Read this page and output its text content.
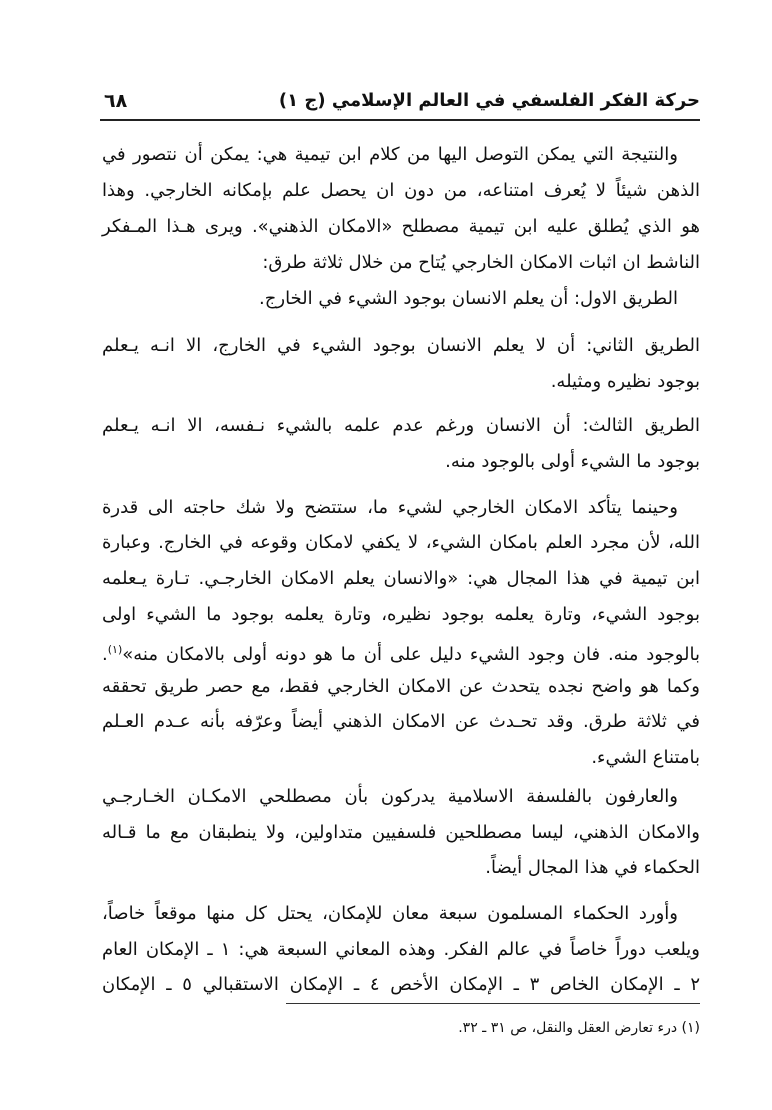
حركة الفكر الفلسفي في العالم الإسلامي (ج ١)
٦٨
والنتيجة التي يمكن التوصل اليها من كلام ابن تيمية هي: يمكن أن نتصور في
الذهن شيئاً لا يُعرف امتناعه، من دون ان يحصل علم بإمكانه الخارجي. وهذا
هو الذي يُطلق عليه ابن تيمية مصطلح «الامكان الذهني». ويرى هـذا المـفكر
الناشط ان اثبات الامكان الخارجي يُتاح من خلال ثلاثة طرق:
الطريق الاول: أن يعلم الانسان بوجود الشيء في الخارج.
الطريق الثاني: أن لا يعلم الانسان بوجود الشيء في الخارج، الا انـه يـعلم
بوجود نظيره ومثيله.
الطريق الثالث: أن الانسان ورغم عدم علمه بالشيء نـفسه، الا انـه يـعلم
بوجود ما الشيء أولى بالوجود منه.
وحينما يتأكد الامكان الخارجي لشيء ما، ستتضح ولا شك حاجته الى قدرة
الله، لأن مجرد العلم بامكان الشيء، لا يكفي لامكان وقوعه في الخارج. وعبارة
ابن تيمية في هذا المجال هي: «والانسان يعلم الامكان الخارجـي. تـارة يـعلمه
بوجود الشيء، وتارة يعلمه بوجود نظيره، وتارة يعلمه بوجود ما الشيء اولى
بالوجود منه. فان وجود الشيء دليل على أن ما هو دونه أولى بالامكان منه»$^{(١)}$.
وكما هو واضح نجده يتحدث عن الامكان الخارجي فقط، مع حصر طريق تحققه
في ثلاثة طرق. وقد تحـدث عن الامكان الذهني أيضاً وعرّفه بأنه عـدم العـلم
بامتناع الشيء.
والعارفون بالفلسفة الاسلامية يدركون بأن مصطلحي الامكـان الخـارجـي
والامكان الذهني، ليسا مصطلحين فلسفيين متداولين، ولا ينطبقان مع ما قـاله
الحكماء في هذا المجال أيضاً.
وأورد الحكماء المسلمون سبعة معان للإمكان، يحتل كل منها موقعاً خاصاً،
ويلعب دوراً خاصاً في عالم الفكر. وهذه المعاني السبعة هي: ١ ـ الإمكان العام
٢ ـ الإمكان الخاص ٣ ـ الإمكان الأخص ٤ ـ الإمكان الاستقبالي ٥ ـ الإمكان
(١) درء تعارض العقل والنقل، ص ٣١ ـ ٣٢.
